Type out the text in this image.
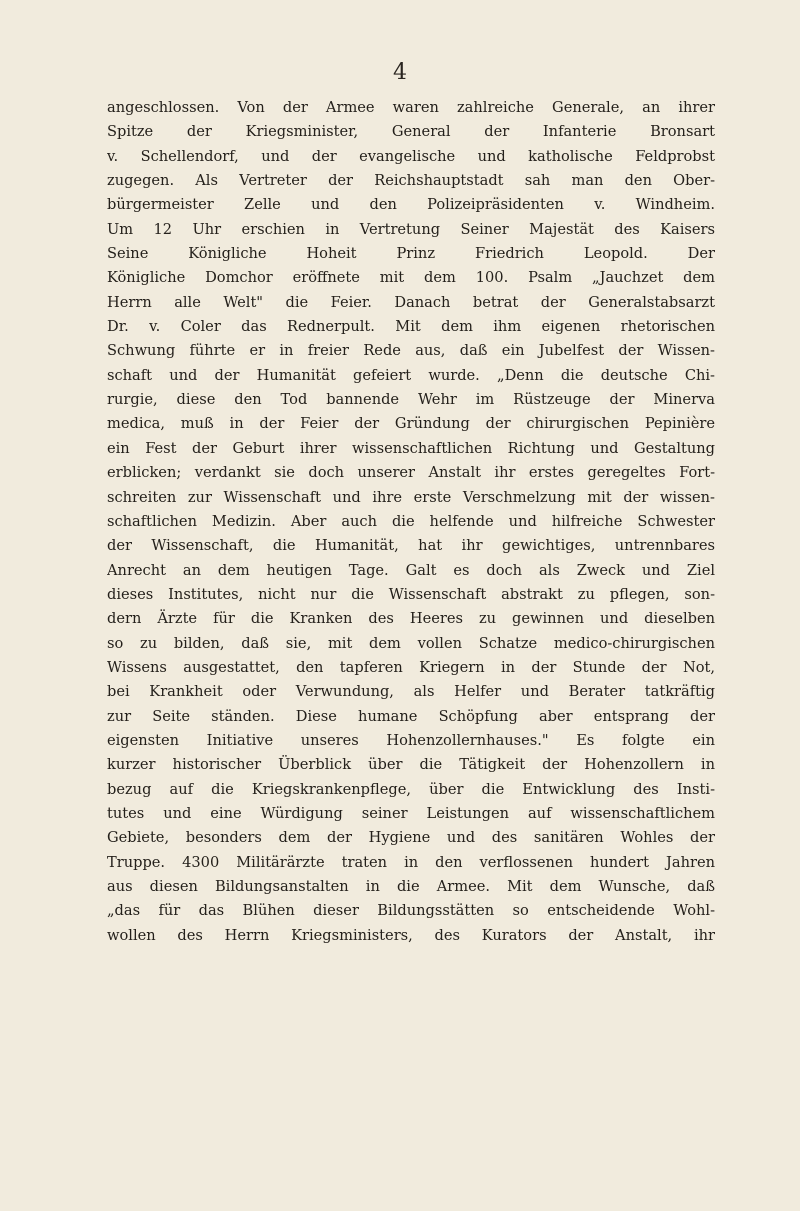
4
angeschlossen. Von der Armee waren zahlreiche Generale, an ihrer
Spitze der Kriegsminister, General der Infanterie Bronsart
v. Schellendorf, und der evangelische und katholische Feldprobst
zugegen. Als Vertreter der Reichshauptstadt sah man den Ober-
bürgermeister Zelle und den Polizeipräsidenten v. Windheim.
Um 12 Uhr erschien in Vertretung Seiner Majestät des Kaisers
Seine Königliche Hoheit Prinz Friedrich Leopold. Der
Königliche Domchor eröffnete mit dem 100. Psalm „Jauchzet dem
Herrn alle Welt" die Feier. Danach betrat der Generalstabsarzt
Dr. v. Coler das Rednerpult. Mit dem ihm eigenen rhetorischen
Schwung führte er in freier Rede aus, daß ein Jubelfest der Wissen-
schaft und der Humanität gefeiert wurde. „Denn die deutsche Chi-
rurgie, diese den Tod bannende Wehr im Rüstzeuge der Minerva
medica, muß in der Feier der Gründung der chirurgischen Pepinière
ein Fest der Geburt ihrer wissenschaftlichen Richtung und Gestaltung
erblicken; verdankt sie doch unserer Anstalt ihr erstes geregeltes Fort-
schreiten zur Wissenschaft und ihre erste Verschmelzung mit der wissen-
schaftlichen Medizin. Aber auch die helfende und hilfreiche Schwester
der Wissenschaft, die Humanität, hat ihr gewichtiges, untrennbares
Anrecht an dem heutigen Tage. Galt es doch als Zweck und Ziel
dieses Institutes, nicht nur die Wissenschaft abstrakt zu pflegen, son-
dern Ärzte für die Kranken des Heeres zu gewinnen und dieselben
so zu bilden, daß sie, mit dem vollen Schatze medico-chirurgischen
Wissens ausgestattet, den tapferen Kriegern in der Stunde der Not,
bei Krankheit oder Verwundung, als Helfer und Berater tatkräftig
zur Seite ständen. Diese humane Schöpfung aber entsprang der
eigensten Initiative unseres Hohenzollernhauses." Es folgte ein
kurzer historischer Überblick über die Tätigkeit der Hohenzollern in
bezug auf die Kriegskrankenpflege, über die Entwicklung des Insti-
tutes und eine Würdigung seiner Leistungen auf wissenschaftlichem
Gebiete, besonders dem der Hygiene und des sanitären Wohles der
Truppe. 4300 Militärärzte traten in den verflossenen hundert Jahren
aus diesen Bildungsanstalten in die Armee. Mit dem Wunsche, daß
„das für das Blühen dieser Bildungsstätten so entscheidende Wohl-
wollen des Herrn Kriegsministers, des Kurators der Anstalt, ihr
